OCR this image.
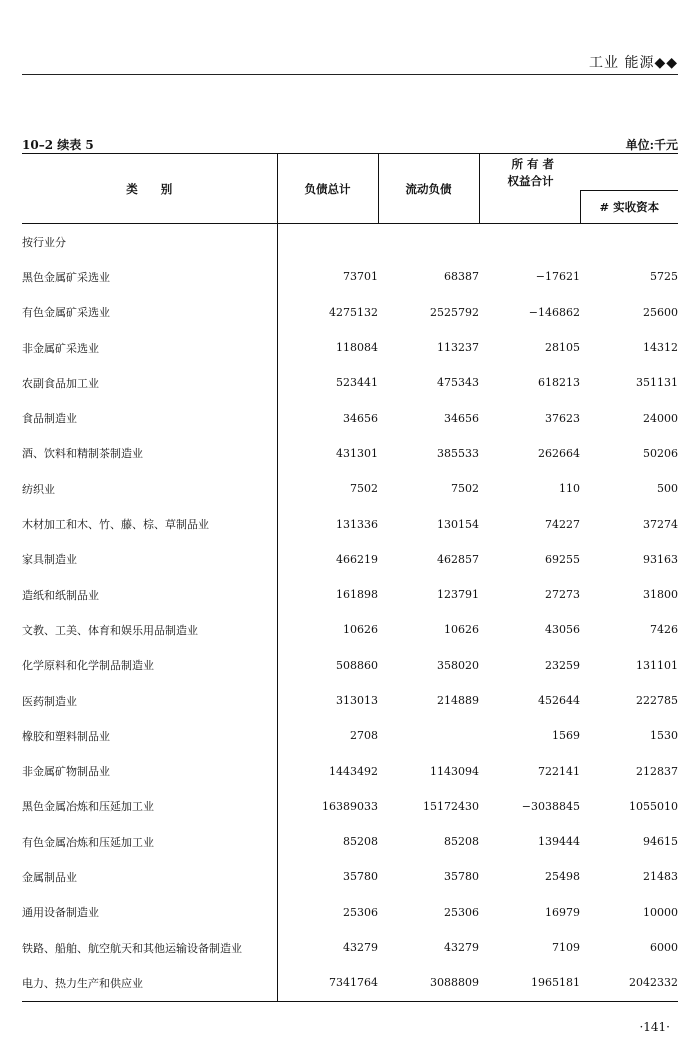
工业 能源◆◆
10–2 续表 5	单位:千元
类　　别	负债总计	流动负债	所 有 者
权益合计	

				# 实收资本
按行业分				
黑色金属矿采选业	73701	68387	−17621	5725
有色金属矿采选业	4275132	2525792	−146862	25600
非金属矿采选业	118084	113237	28105	14312
农副食品加工业	523441	475343	618213	351131
食品制造业	34656	34656	37623	24000
酒、饮料和精制茶制造业	431301	385533	262664	50206
纺织业	7502	7502	110	500
木材加工和木、竹、藤、棕、草制品业	131336	130154	74227	37274
家具制造业	466219	462857	69255	93163
造纸和纸制品业	161898	123791	27273	31800
文教、工美、体育和娱乐用品制造业	10626	10626	43056	7426
化学原料和化学制品制造业	508860	358020	23259	131101
医药制造业	313013	214889	452644	222785
橡胶和塑料制品业	2708		1569	1530
非金属矿物制品业	1443492	1143094	722141	212837
黑色金属冶炼和压延加工业	16389033	15172430	−3038845	1055010
有色金属冶炼和压延加工业	85208	85208	139444	94615
金属制品业	35780	35780	25498	21483
通用设备制造业	25306	25306	16979	10000
铁路、船舶、航空航天和其他运输设备制造业	43279	43279	7109	6000
电力、热力生产和供应业	7341764	3088809	1965181	2042332
·141·
